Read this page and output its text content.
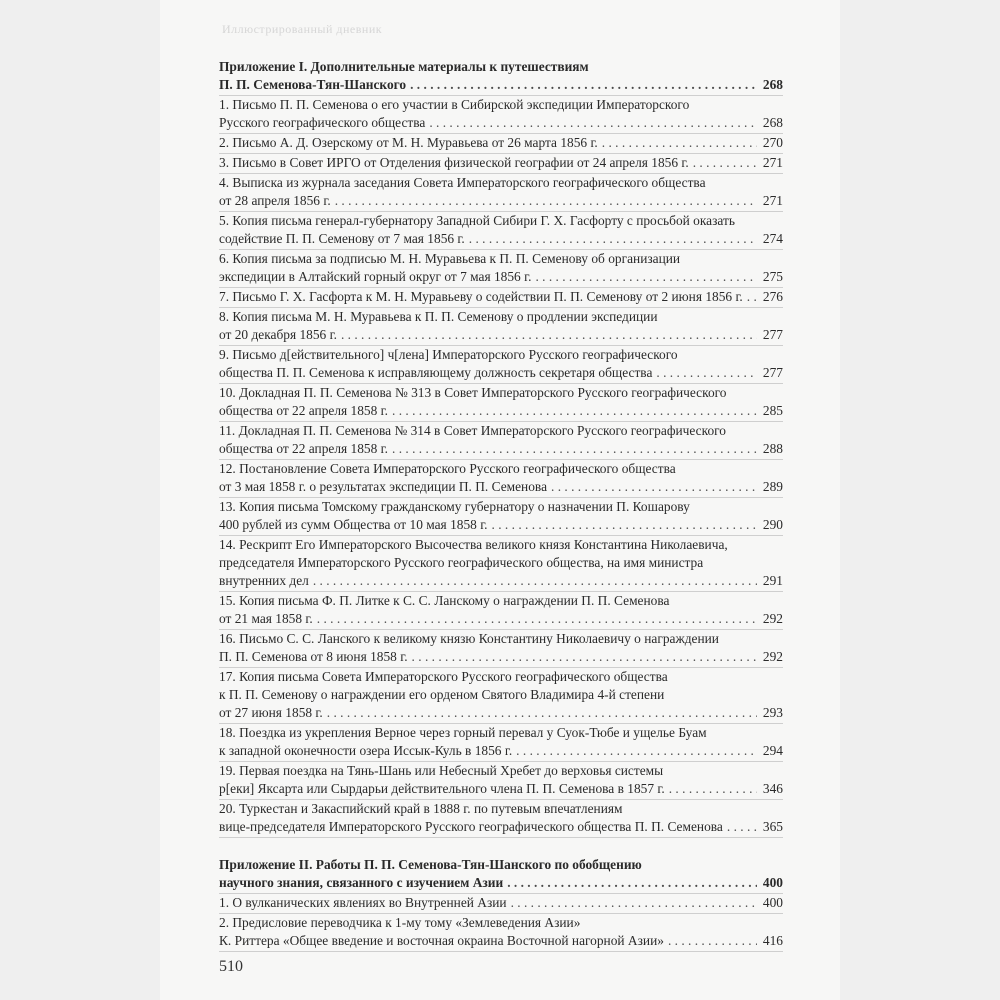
Иллюстрированный дневник
Приложение I. Дополнительные материалы к путешествиям
П. П. Семенова-Тян-Шанского . . .	268
1. Письмо П. П. Семенова о его участии в Сибирской экспедиции Императорского
Русского географического общества . . .	268
2. Письмо А. Д. Озерскому от М. Н. Муравьева от 26 марта 1856 г. . . .	270
3. Письмо в Совет ИРГО от Отделения физической географии от 24 апреля 1856 г. . . .	271
4. Выписка из журнала заседания Совета Императорского географического общества
от 28 апреля 1856 г. . . .	271
5. Копия письма генерал-губернатору Западной Сибири Г. Х. Гасфорту с просьбой оказать
содействие П. П. Семенову от 7 мая 1856 г. . . .	274
6. Копия письма за подписью М. Н. Муравьева к П. П. Семенову об организации
экспедиции в Алтайский горный округ от 7 мая 1856 г. . . .	275
7. Письмо Г. Х. Гасфорта к М. Н. Муравьеву о содействии П. П. Семенову от 2 июня 1856 г. . . . 276
8. Копия письма М. Н. Муравьева к П. П. Семенову о продлении экспедиции
от 20 декабря 1856 г. . . .	277
9. Письмо д[ействительного] ч[лена] Императорского Русского географического
общества П. П. Семенова к исправляющему должность секретаря общества . . .	277
10. Докладная П. П. Семенова № 313 в Совет Императорского Русского географического
общества от 22 апреля 1858 г. . . .	285
11. Докладная П. П. Семенова № 314 в Совет Императорского Русского географического
общества от 22 апреля 1858 г. . . .	288
12. Постановление Совета Императорского Русского географического общества
от 3 мая 1858 г. о результатах экспедиции П. П. Семенова . . .	289
13. Копия письма Томскому гражданскому губернатору о назначении П. Кошарову
400 рублей из сумм Общества от 10 мая 1858 г. . . .	290
14. Рескрипт Его Императорского Высочества великого князя Константина Николаевича,
председателя Императорского Русского географического общества, на имя министра
внутренних дел . . .	291
15. Копия письма Ф. П. Литке к С. С. Ланскому о награждении П. П. Семенова
от 21 мая 1858 г. . . .	292
16. Письмо С. С. Ланского к великому князю Константину Николаевичу о награждении
П. П. Семенова от 8 июня 1858 г. . . .	292
17. Копия письма Совета Императорского Русского географического общества
к П. П. Семенову о награждении его орденом Святого Владимира 4-й степени
от 27 июня 1858 г. . . .	293
18. Поездка из укрепления Верное через горный перевал у Суок-Тюбе и ущелье Буам
к западной оконечности озера Иссык-Куль в 1856 г. . . .	294
19. Первая поездка на Тянь-Шань или Небесный Хребет до верховья системы
р[еки] Яксарта или Сырдарьи действительного члена П. П. Семенова в 1857 г. . . .	346
20. Туркестан и Закаспийский край в 1888 г. по путевым впечатлениям
вице-председателя Императорского Русского географического общества П. П. Семенова . . .	365
Приложение II. Работы П. П. Семенова-Тян-Шанского по обобщению
научного знания, связанного с изучением Азии . . .	400
1. О вулканических явлениях во Внутренней Азии . . .	400
2. Предисловие переводчика к 1-му тому «Землеведения Азии»
К. Риттера «Общее введение и восточная окраина Восточной нагорной Азии» . . .	416
510
